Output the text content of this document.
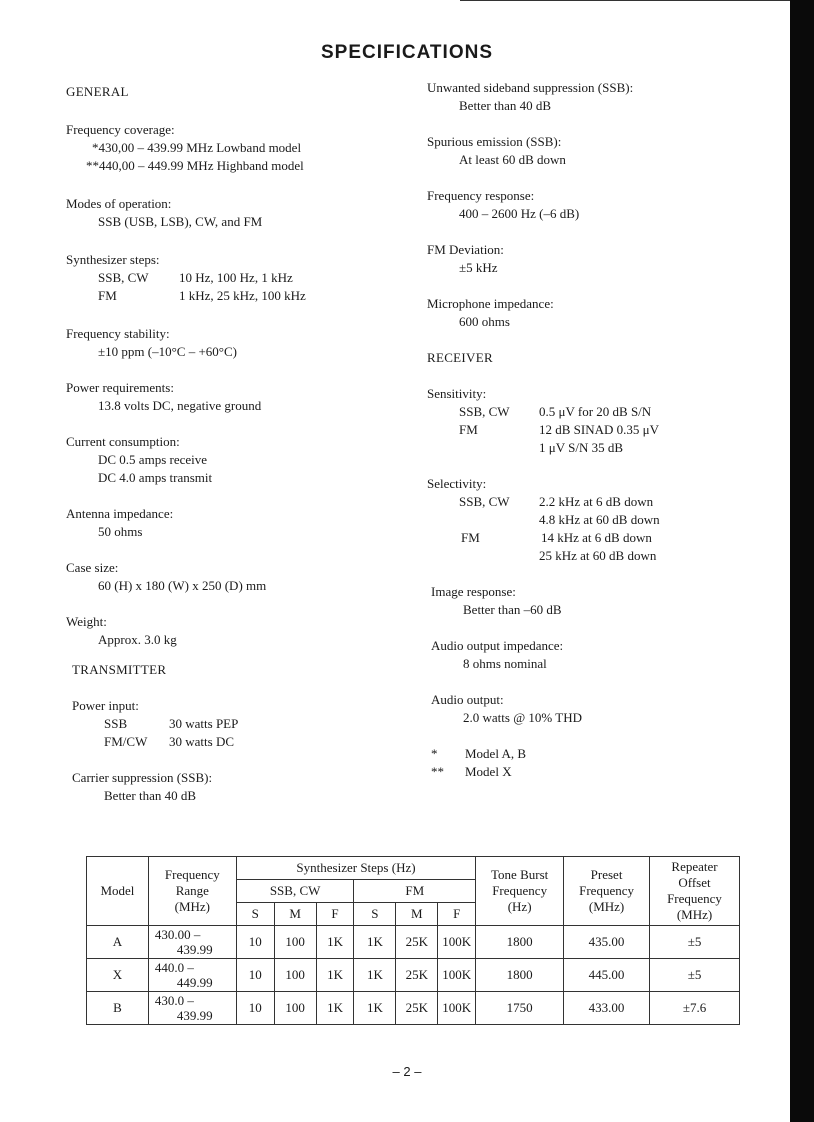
SPECIFICATIONS
GENERAL
Frequency coverage:
*430,00 – 439.99 MHz Lowband model
**440,00 – 449.99 MHz Highband model
Modes of operation:
SSB (USB, LSB), CW, and FM
Synthesizer steps:
SSB, CW	10 Hz, 100 Hz, 1 kHz
FM	1 kHz, 25 kHz, 100 kHz
Frequency stability:
±10 ppm (–10°C – +60°C)
Power requirements:
13.8 volts DC, negative ground
Current consumption:
DC 0.5 amps receive
DC 4.0 amps transmit
Antenna impedance:
50 ohms
Case size:
60 (H) x 180 (W) x 250 (D) mm
Weight:
Approx. 3.0 kg
TRANSMITTER
Power input:
SSB	30 watts PEP
FM/CW	30 watts DC
Carrier suppression (SSB):
Better than 40 dB
Unwanted sideband suppression (SSB):
Better than 40 dB
Spurious emission (SSB):
At least 60 dB down
Frequency response:
400 – 2600 Hz (–6 dB)
FM Deviation:
±5 kHz
Microphone impedance:
600 ohms
RECEIVER
Sensitivity:
SSB, CW	0.5 μV for 20 dB S/N
FM	12 dB SINAD 0.35 μV
1 μV S/N 35 dB
Selectivity:
SSB, CW	2.2 kHz at 6 dB down
4.8 kHz at 60 dB down
FM	14 kHz at 6 dB down
25 kHz at 60 dB down
Image response:
Better than –60 dB
Audio output impedance:
8 ohms nominal
Audio output:
2.0 watts @ 10% THD
*	Model A, B
**	Model X
Model	Frequency Range (MHz)	Synthesizer Steps (Hz)						Tone Burst Frequency (Hz)	Preset Frequency (MHz)	Repeater Offset Frequency (MHz)
		SSB, CW			FM					
		S	M	F	S	M	F			
A	430.00 –
439.99	10	100	1K	1K	25K	100K	1800	435.00	±5
X	440.0 –
449.99	10	100	1K	1K	25K	100K	1800	445.00	±5
B	430.0 –
439.99	10	100	1K	1K	25K	100K	1750	433.00	±7.6
– 2 –
